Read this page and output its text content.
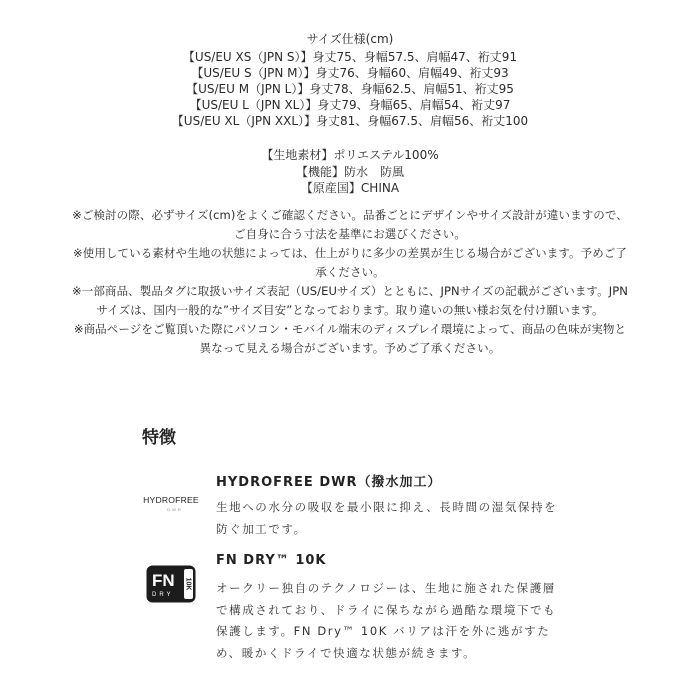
サイズ仕様(cm)
【US/EU XS（JPN S）】身丈75、身幅57.5、肩幅47、裄丈91
【US/EU S（JPN M）】身丈76、身幅60、肩幅49、裄丈93
【US/EU M（JPN L）】身丈78、身幅62.5、肩幅51、裄丈95
【US/EU L（JPN XL）】身丈79、身幅65、肩幅54、裄丈97
【US/EU XL（JPN XXL）】身丈81、身幅67.5、肩幅56、裄丈100
【生地素材】ポリエステル100%
【機能】防水　防風
【原産国】CHINA

※ご検討の際、必ずサイズ(cm)をよくご確認ください。品番ごとにデザインやサイズ設計が違いますので、ご自身に合う寸法を基準にお選びください。

※使用している素材や生地の状態によっては、仕上がりに多少の差異が生じる場合がございます。予めご了承ください。

※一部商品、製品タグに取扱いサイズ表記（US/EUサイズ）とともに、JPNサイズの記載がございます。JPNサイズは、国内一般的な”サイズ目安”となっております。取り違いの無い様お気を付け願います。

※商品ページをご覧頂いた際にパソコン・モバイル端末のディスプレイ環境によって、商品の色味が実物と異なって見える場合がございます。予めご了承ください。

特徴
HYDROFREE
DWR
HYDROFREE DWR（撥水加工）
生地への水分の吸収を最小限に抑え、長時間の湿気保持を防ぐ加工です。
FN
DRY
10K
FN DRY™ 10K
オークリー独自のテクノロジーは、生地に施された保護層で構成されており、ドライに保ちながら過酷な環境下でも保護します。FN Dry™ 10K バリアは汗を外に逃がすため、暖かくドライで快適な状態が続きます。
